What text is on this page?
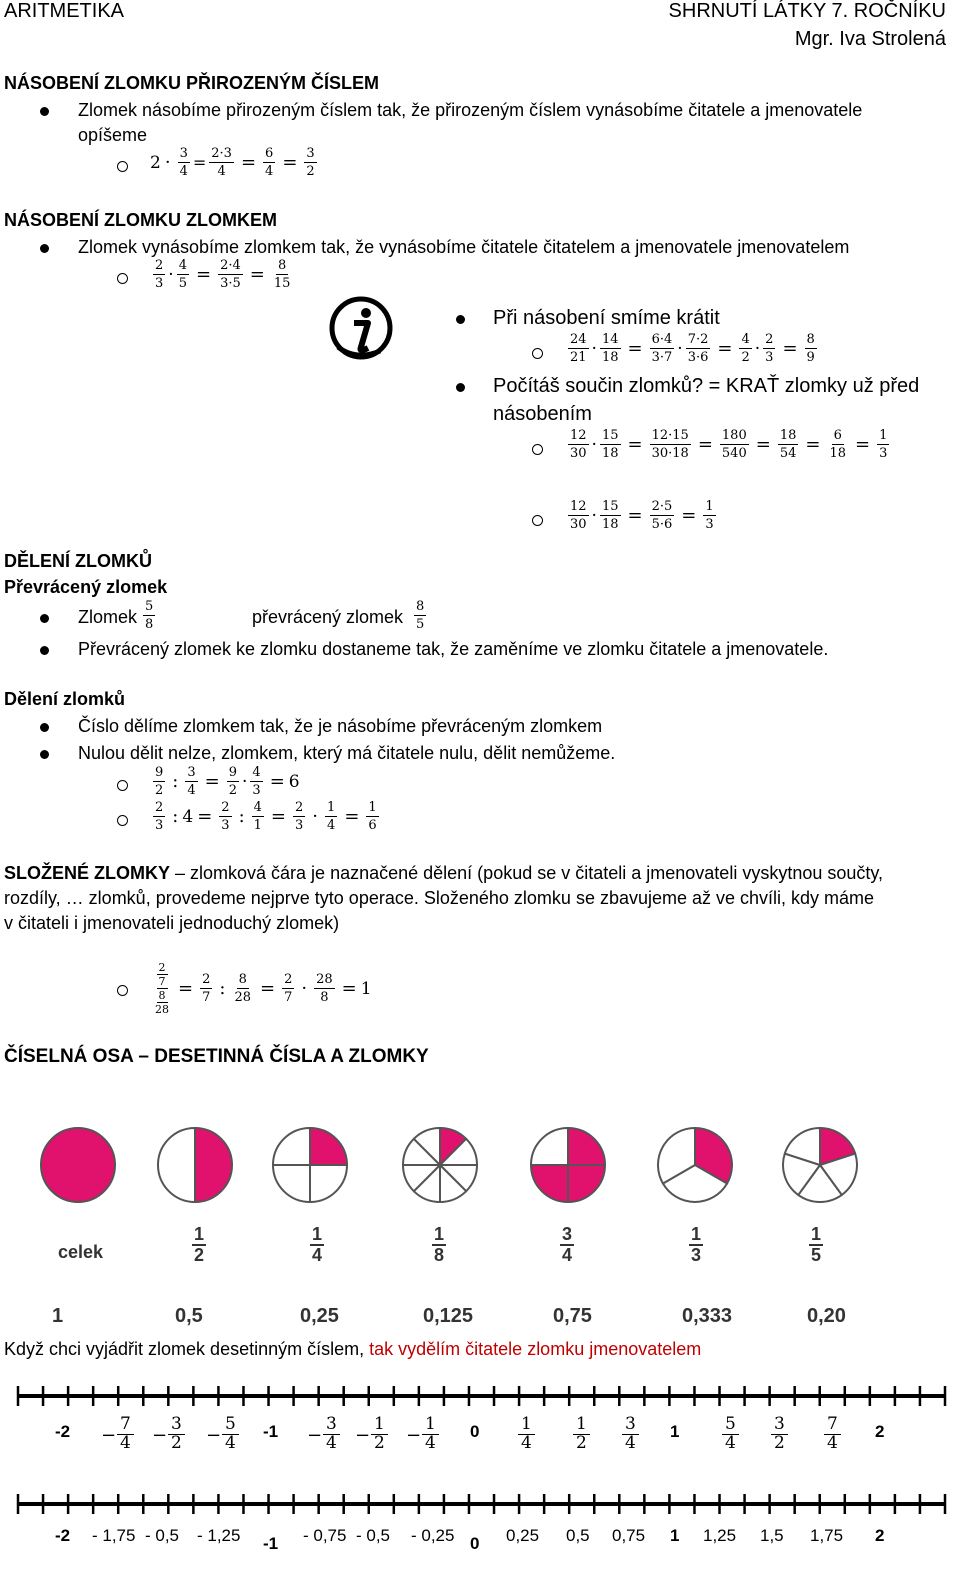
ARITMETIKA	SHRNUTÍ LÁTKY 7. ROČNÍKU
Mgr. Iva Strolená
NÁSOBENÍ ZLOMKU PŘIROZENÝM ČÍSLEM
Zlomek násobíme přirozeným číslem tak, že přirozeným číslem vynásobíme čitatele a jmenovatele
opíšeme
$2 \cdot \frac{3}{4} = \frac{2\cdot 3}{4} = \frac{6}{4} = \frac{3}{2}$
NÁSOBENÍ ZLOMKU ZLOMKEM
Zlomek vynásobíme zlomkem tak, že vynásobíme čitatele čitatelem a jmenovatele jmenovatelem
2
$3 \cdot \frac{4}{5} = \frac{2\cdot 4}{3\cdot 5} = \frac{8}{15}$
Při násobení smíme krátit
24
$21 \cdot \frac{14}{18} = \frac{6\cdot 4}{3\cdot 7} \cdot \frac{7\cdot 2}{3\cdot 6} = \frac{4}{2} \cdot \frac{2}{3} = \frac{8}{9}$
Počítáš součin zlomků? = KRAŤ zlomky už před
násobením
12
$30 \cdot \frac{15}{18} = \frac{12\cdot 15}{30\cdot 18} = \frac{180}{540} = \frac{18}{54} = \frac{6}{18} = \frac{1}{3}$
12
$30 \cdot \frac{15}{18} = \frac{2\cdot 5}{5\cdot 6} = \frac{1}{3}$
DĚLENÍ ZLOMKŮ
Převrácený zlomek
Zlomek
5
8	převrácený zlomek
8
5
Převrácený zlomek ke zlomku dostaneme tak, že zaměníme ve zlomku čitatele a jmenovatele.
Dělení zlomků
Číslo dělíme zlomkem tak, že je násobíme převráceným zlomkem
Nulou dělit nelze, zlomkem, který má čitatele nulu, dělit nemůžeme.
9
2 : $\frac{3}{4} = \frac{9}{2} \cdot \frac{4}{3} = 6$
2
3 : $4 = \frac{2}{3}$ : $\frac{4}{1} = \frac{2}{3} \cdot \frac{1}{4} = \frac{1}{6}$
SLOŽENÉ ZLOMKY – zlomková čára je naznačené dělení (pokud se v čitateli a jmenovateli vyskytnou součty,
rozdíly, … zlomků, provedeme nejprve tyto operace. Složeného zlomku se zbavujeme až ve chvíli, kdy máme
v čitateli i jmenovateli jednoduchý zlomek)
2
7
8
$28 = \frac{2}{7}$ : $\frac{8}{28} = \frac{2}{7} \cdot \frac{28}{8} = 1$
ČÍSELNÁ OSA – DESETINNÁ ČÍSLA A ZLOMKY
celek	$\frac{1}{2}$	$\frac{1}{4}$	$\frac{1}{8}$	$\frac{3}{4}$	$\frac{1}{3}$	$\frac{1}{5}$
1	0,5	0,25	0,125	0,75	0,333	0,20
Když chci vyjádřit zlomek desetinným číslem, tak vydělím čitatele zlomku jmenovatelem
-2	-1	0	1	2
− $\frac{7}{4} - \frac{3}{2} - \frac{5}{4}$	− $\frac{3}{4} - \frac{1}{2} - \frac{1}{4}$	$\frac{1}{4} \frac{1}{2} \frac{3}{4}$	$\frac{5}{4} \frac{3}{2} \frac{7}{4}$
-2 - 1,75 - 0,5 - 1,25 -1 - 0,75 - 0,5 - 0,25 0 0,25 0,5 0,75 1 1,25 1,5 1,75 2
